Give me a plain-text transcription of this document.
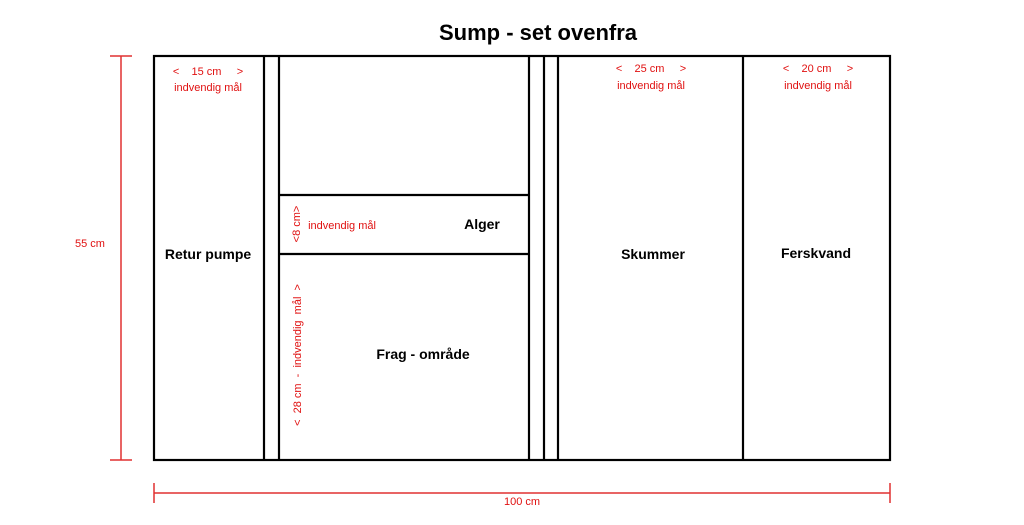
Sump - set ovenfra
<    15 cm     >
indvendig mål
Retur pumpe
<8 cm> indvendig mål	Alger
<  28 cm  -  indvendig  mål  >	Frag - område
<    25 cm     >
indvendig mål
Skummer
<    20 cm     >
indvendig mål
Ferskvand
55 cm
100 cm
